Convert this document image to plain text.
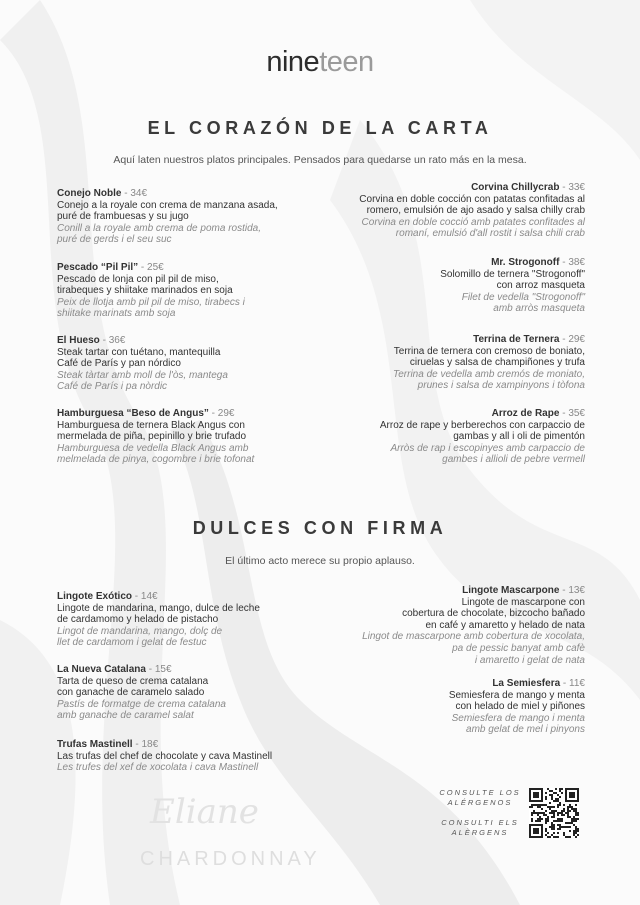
Eliane
CHARDONNAY
nineteen
EL CORAZÓN DE LA CARTA
Aquí laten nuestros platos principales. Pensados para quedarse un rato más en la mesa.
DULCES CON FIRMA
El último acto merece su propio aplauso.
Conejo Noble - 34€
Conejo a la royale con crema de manzana asada,
puré de frambuesas y su jugo
Conill a la royale amb crema de poma rostida,
puré de gerds i el seu suc
Pescado “Pil Pil” - 25€
Pescado de lonja con pil pil de miso,
tirabeques y shiitake marinados en soja
Peix de llotja amb pil pil de miso, tirabecs i
shiitake marinats amb soja
El Hueso - 36€
Steak tartar con tuétano, mantequilla
Café de París y pan nórdico
Steak tàrtar amb moll de l'òs, mantega
Café de París i pa nòrdic
Hamburguesa “Beso de Angus” - 29€
Hamburguesa de ternera Black Angus con
mermelada de piña, pepinillo y brie trufado
Hamburguesa de vedella Black Angus amb
melmelada de pinya, cogombre i brie tofonat
Corvina Chillycrab - 33€
Corvina en doble cocción con patatas confitadas al
romero, emulsión de ajo asado y salsa chilly crab
Corvina en doble cocció amb patates confitades al
romaní, emulsió d'all rostit i salsa chili crab
Mr. Strogonoff - 38€
Solomillo de ternera "Strogonoff"
con arroz masqueta
Filet de vedella "Strogonoff"
amb arròs masqueta
Terrina de Ternera - 29€
Terrina de ternera con cremoso de boniato,
ciruelas y salsa de champiñones y trufa
Terrina de vedella amb cremós de moniato,
prunes i salsa de xampinyons i tòfona
Arroz de Rape - 35€
Arroz de rape y berberechos con carpaccio de
gambas y all i oli de pimentón
Arròs de rap i escopinyes amb carpaccio de
gambes i allioli de pebre vermell
Lingote Exótico - 14€
Lingote de mandarina, mango, dulce de leche
de cardamomo y helado de pistacho
Lingot de mandarina, mango, dolç de
llet de cardamom i gelat de festuc
La Nueva Catalana - 15€
Tarta de queso de crema catalana
con ganache de caramelo salado
Pastís de formatge de crema catalana
amb ganache de caramel salat
Trufas Mastinell - 18€
Las trufas del chef de chocolate y cava Mastinell
Les trufes del xef de xocolata i cava Mastinell
Lingote Mascarpone - 13€
Lingote de mascarpone con
cobertura de chocolate, bizcocho bañado
en café y amaretto y helado de nata
Lingot de mascarpone amb cobertura de xocolata,
pa de pessic banyat amb cafè
i amaretto i gelat de nata
La Semiesfera - 11€
Semiesfera de mango y menta
con helado de miel y piñones
Semiesfera de mango i menta
amb gelat de mel i pinyons
CONSULTE LOS
ALÉRGENOS
CONSULTI ELS
ALÈRGENS
